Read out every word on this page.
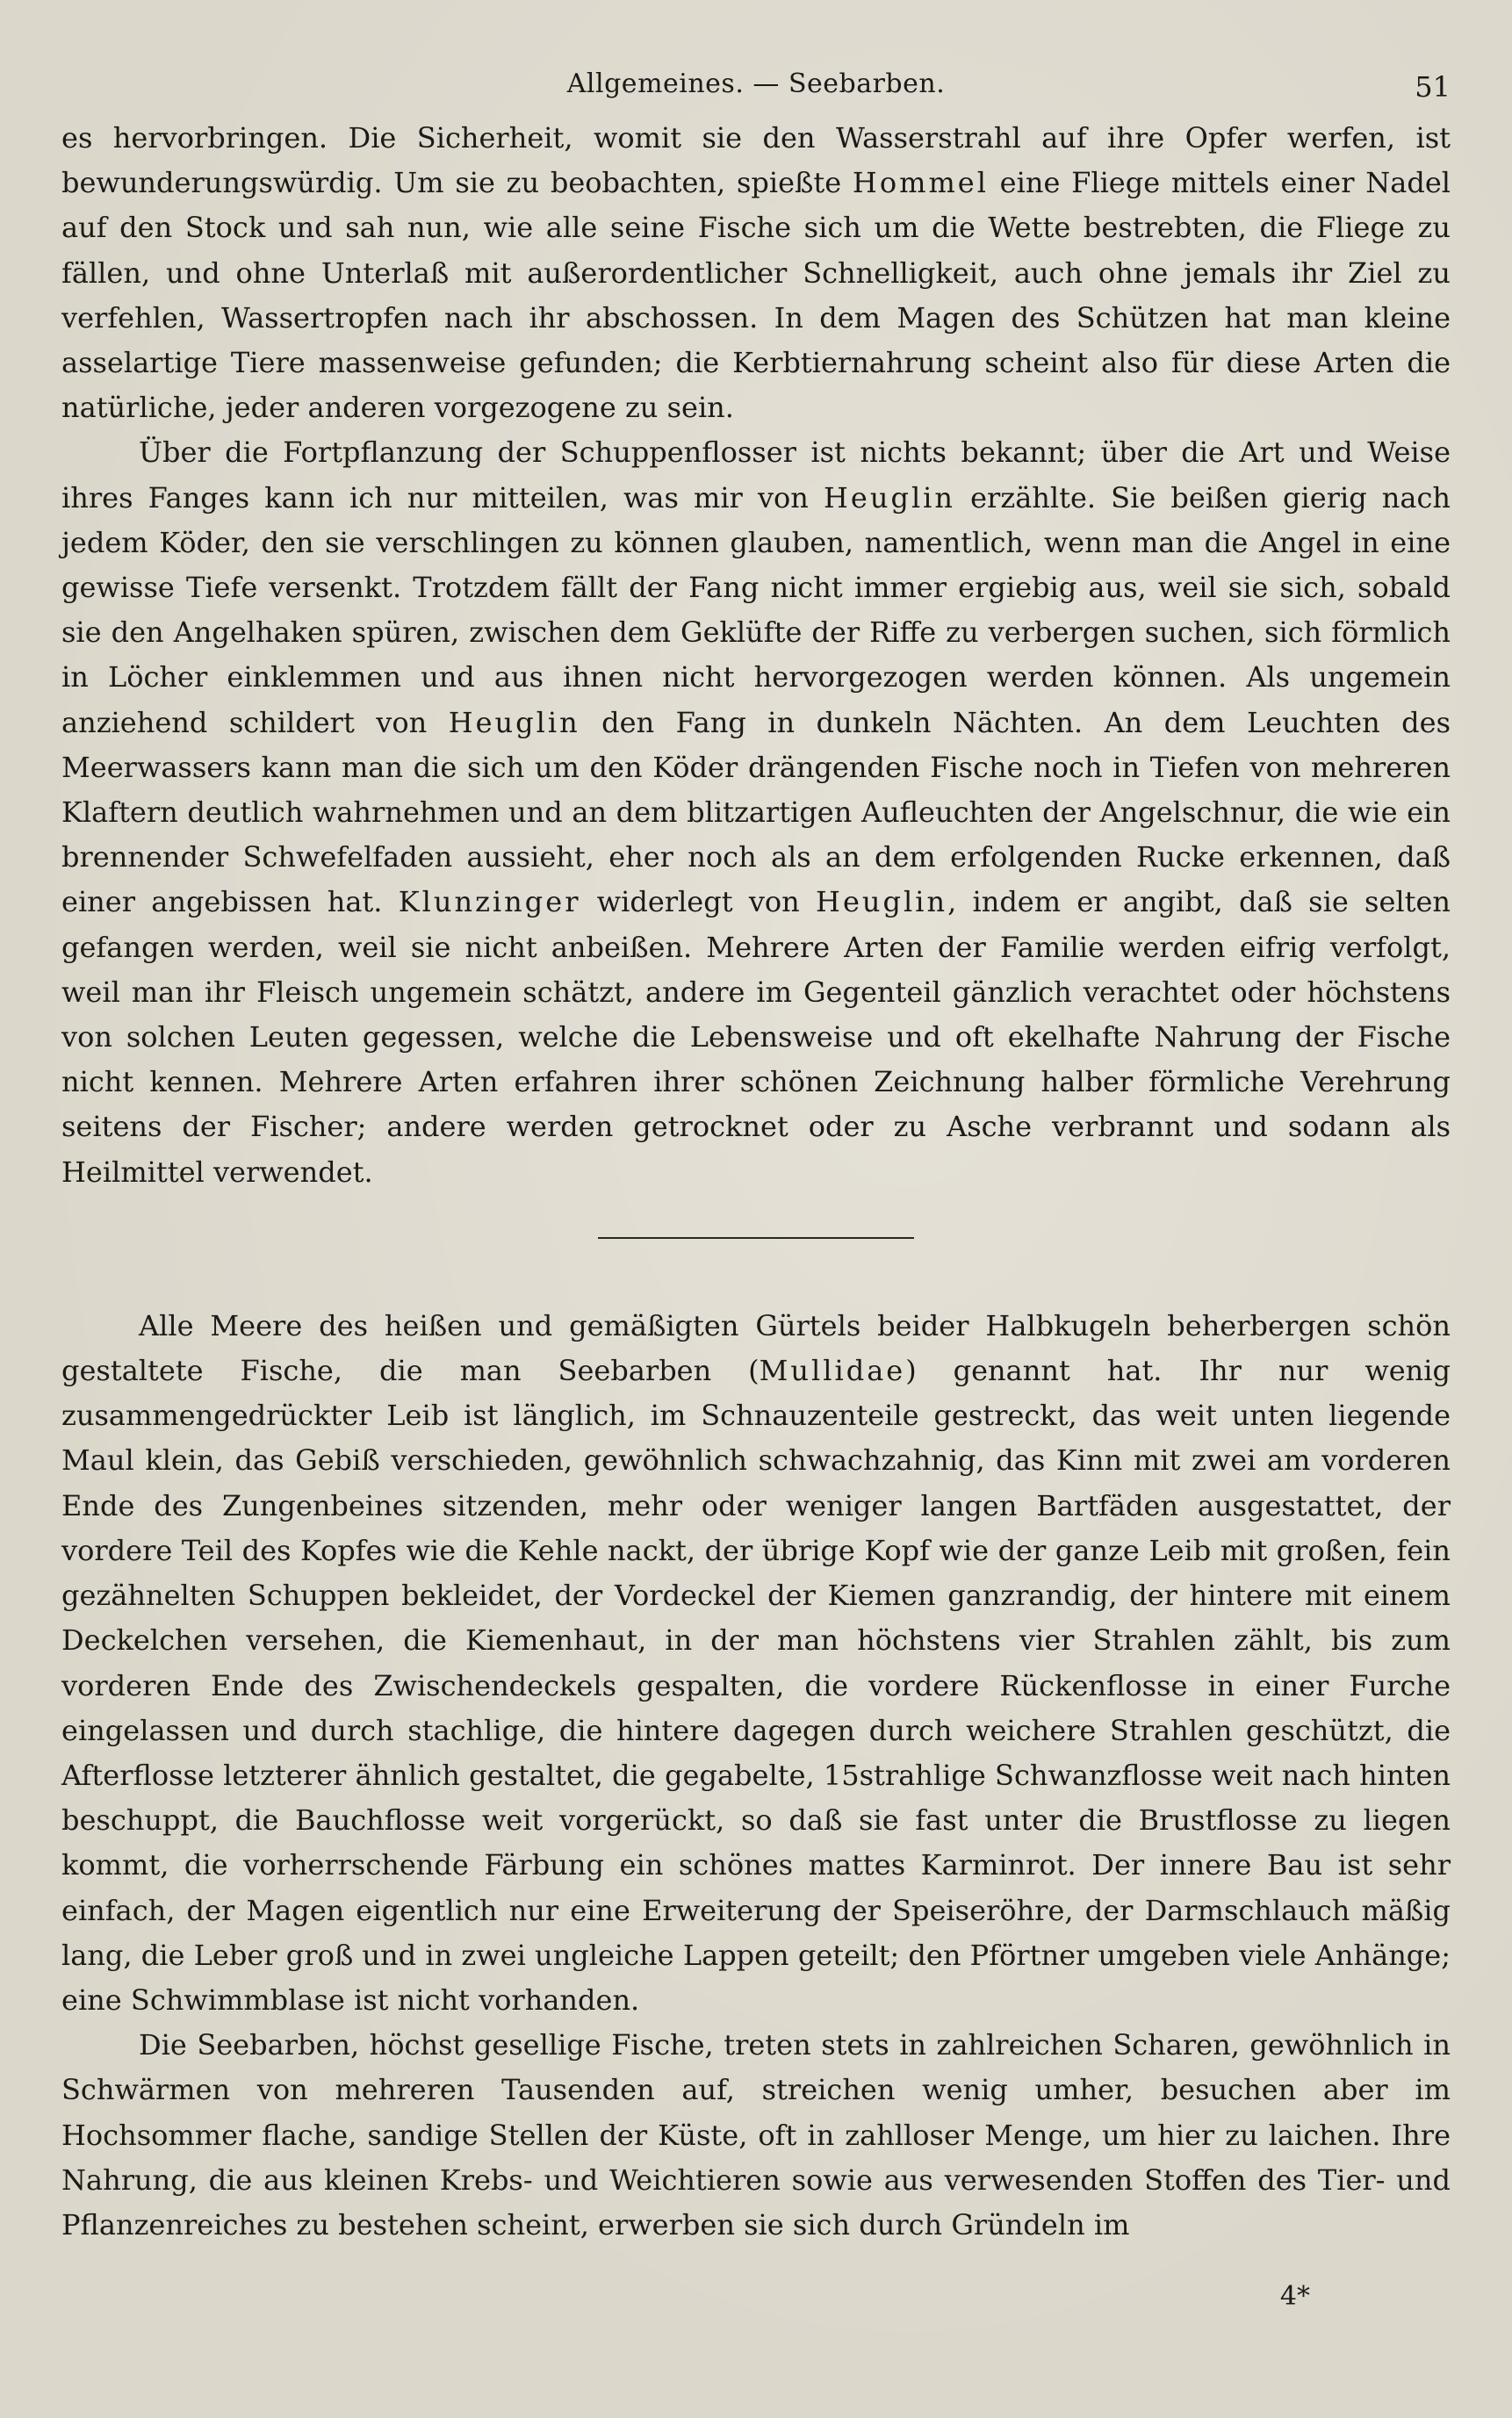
Allgemeines. — Seebarben.	51

es hervorbringen. Die Sicherheit, womit sie den Wasserstrahl auf ihre Opfer werfen, ist bewunderungswürdig. Um sie zu beobachten, spießte Hommel eine Fliege mittels einer Nadel auf den Stock und sah nun, wie alle seine Fische sich um die Wette bestrebten, die Fliege zu fällen, und ohne Unterlaß mit außerordentlicher Schnelligkeit, auch ohne jemals ihr Ziel zu verfehlen, Wassertropfen nach ihr abschossen. In dem Magen des Schützen hat man kleine asselartige Tiere massenweise gefunden; die Kerbtiernahrung scheint also für diese Arten die natürliche, jeder anderen vorgezogene zu sein.

Über die Fortpflanzung der Schuppenflosser ist nichts bekannt; über die Art und Weise ihres Fanges kann ich nur mitteilen, was mir von Heuglin erzählte. Sie beißen gierig nach jedem Köder, den sie verschlingen zu können glauben, namentlich, wenn man die Angel in eine gewisse Tiefe versenkt. Trotzdem fällt der Fang nicht immer ergiebig aus, weil sie sich, sobald sie den Angelhaken spüren, zwischen dem Geklüfte der Riffe zu verbergen suchen, sich förmlich in Löcher einklemmen und aus ihnen nicht hervorgezogen werden können. Als ungemein anziehend schildert von Heuglin den Fang in dunkeln Nächten. An dem Leuchten des Meerwassers kann man die sich um den Köder drängenden Fische noch in Tiefen von mehreren Klaftern deutlich wahrnehmen und an dem blitzartigen Aufleuchten der Angelschnur, die wie ein brennender Schwefelfaden aussieht, eher noch als an dem erfolgenden Rucke erkennen, daß einer angebissen hat. Klunzinger widerlegt von Heuglin, indem er angibt, daß sie selten gefangen werden, weil sie nicht anbeißen. Mehrere Arten der Familie werden eifrig verfolgt, weil man ihr Fleisch ungemein schätzt, andere im Gegenteil gänzlich verachtet oder höchstens von solchen Leuten gegessen, welche die Lebensweise und oft ekelhafte Nahrung der Fische nicht kennen. Mehrere Arten erfahren ihrer schönen Zeichnung halber förmliche Verehrung seitens der Fischer; andere werden getrocknet oder zu Asche verbrannt und sodann als Heilmittel verwendet.

Alle Meere des heißen und gemäßigten Gürtels beider Halbkugeln beherbergen schön gestaltete Fische, die man Seebarben (Mullidae) genannt hat. Ihr nur wenig zusammengedrückter Leib ist länglich, im Schnauzenteile gestreckt, das weit unten liegende Maul klein, das Gebiß verschieden, gewöhnlich schwachzahnig, das Kinn mit zwei am vorderen Ende des Zungenbeines sitzenden, mehr oder weniger langen Bartfäden ausgestattet, der vordere Teil des Kopfes wie die Kehle nackt, der übrige Kopf wie der ganze Leib mit großen, fein gezähnelten Schuppen bekleidet, der Vordeckel der Kiemen ganzrandig, der hintere mit einem Deckelchen versehen, die Kiemenhaut, in der man höchstens vier Strahlen zählt, bis zum vorderen Ende des Zwischendeckels gespalten, die vordere Rückenflosse in einer Furche eingelassen und durch stachlige, die hintere dagegen durch weichere Strahlen geschützt, die Afterflosse letzterer ähnlich gestaltet, die gegabelte, 15strahlige Schwanzflosse weit nach hinten beschuppt, die Bauchflosse weit vorgerückt, so daß sie fast unter die Brustflosse zu liegen kommt, die vorherrschende Färbung ein schönes mattes Karminrot. Der innere Bau ist sehr einfach, der Magen eigentlich nur eine Erweiterung der Speiseröhre, der Darmschlauch mäßig lang, die Leber groß und in zwei ungleiche Lappen geteilt; den Pförtner umgeben viele Anhänge; eine Schwimmblase ist nicht vorhanden.

Die Seebarben, höchst gesellige Fische, treten stets in zahlreichen Scharen, gewöhnlich in Schwärmen von mehreren Tausenden auf, streichen wenig umher, besuchen aber im Hochsommer flache, sandige Stellen der Küste, oft in zahlloser Menge, um hier zu laichen. Ihre Nahrung, die aus kleinen Krebs- und Weichtieren sowie aus verwesenden Stoffen des Tier- und Pflanzenreiches zu bestehen scheint, erwerben sie sich durch Gründeln im

4*
